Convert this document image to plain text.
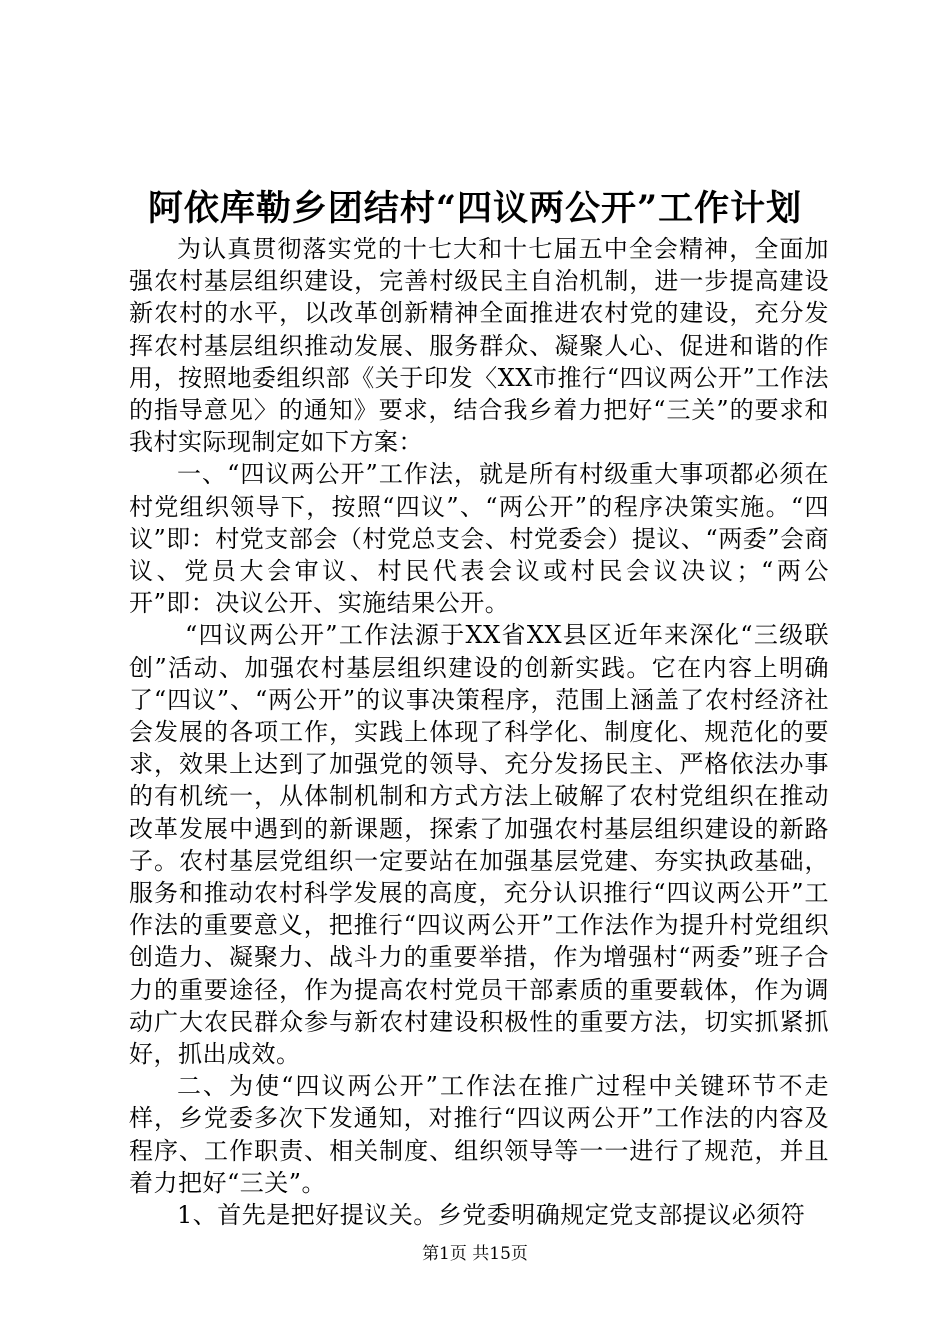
阿依库勒乡团结村“四议两公开”工作计划

为认真贯彻落实党的十七大和十七届五中全会精神，全面加强农村基层组织建设，完善村级民主自治机制，进一步提高建设新农村的水平，以改革创新精神全面推进农村党的建设，充分发挥农村基层组织推动发展、服务群众、凝聚人心、促进和谐的作用，按照地委组织部《关于印发〈XX市推行“四议两公开”工作法的指导意见〉的通知》要求，结合我乡着力把好“三关”的要求和我村实际现制定如下方案：

一、“四议两公开”工作法，就是所有村级重大事项都必须在村党组织领导下，按照“四议”、“两公开”的程序决策实施。“四议”即：村党支部会（村党总支会、村党委会）提议、“两委”会商议、党员大会审议、村民代表会议或村民会议决议；“两公开”即：决议公开、实施结果公开。

“四议两公开”工作法源于XX省XX县区近年来深化“三级联创”活动、加强农村基层组织建设的创新实践。它在内容上明确了“四议”、“两公开”的议事决策程序，范围上涵盖了农村经济社会发展的各项工作，实践上体现了科学化、制度化、规范化的要求，效果上达到了加强党的领导、充分发扬民主、严格依法办事的有机统一，从体制机制和方式方法上破解了农村党组织在推动改革发展中遇到的新课题，探索了加强农村基层组织建设的新路子。农村基层党组织一定要站在加强基层党建、夯实执政基础，服务和推动农村科学发展的高度，充分认识推行“四议两公开”工作法的重要意义，把推行“四议两公开”工作法作为提升村党组织创造力、凝聚力、战斗力的重要举措，作为增强村“两委”班子合力的重要途径，作为提高农村党员干部素质的重要载体，作为调动广大农民群众参与新农村建设积极性的重要方法，切实抓紧抓好，抓出成效。

二、为使“四议两公开”工作法在推广过程中关键环节不走样，乡党委多次下发通知，对推行“四议两公开”工作法的内容及程序、工作职责、相关制度、组织领导等一一进行了规范，并且着力把好“三关”。

1、首先是把好提议关。乡党委明确规定党支部提议必须符

第1页 共15页
